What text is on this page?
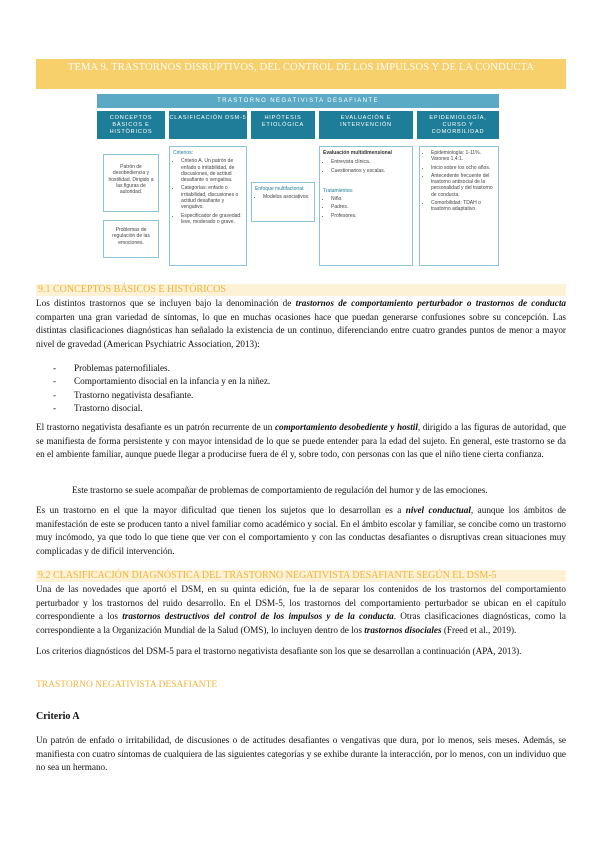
TEMA 9. TRASTORNOS DISRUPTIVOS, DEL CONTROL DE LOS IMPULSOS Y DE LA CONDUCTA
TRASTORNO NEGATIVISTA DESAFIANTE
CONCEPTOS BÁSICOS E HISTÓRICOS
CLASIFICACIÓN DSM-5	HIPÓTESIS ETIOLÓGICA
EVALUACIÓN E INTERVENCIÓN
EPIDEMIOLOGÍA, CURSO Y COMORBILIDAD
Patrón de desobediencia y hostilidad. Dirigido a las figuras de autoridad.
Problemas de regulación de las emociones.
Criterios:
• Criterio A. Un patrón de enfado o irritabilidad, de discusiones, de actitud desafiante o vengativa.
• Categorías: enfado o irritabilidad, discusiones o actitud desafiante y vengativo.
• Especificador de gravedad: leve, moderado o grave.
Enfoque multifactorial:
• Modelos asociativos.
Evaluación multidimensional
• Entrevista clínica.
• Cuestionarios y escalas.
Tratamientos:
• Niño.
• Padres.
• Profesores.
• Epidemiología: 1-11%. Varones 1,4:1.
• Inicio sobre los ocho años.
• Antecedente frecuente del trastorno antisocial de la personalidad y del trastorno de conducta.
• Comorbilidad: TDAH o trastorno adaptativo.
9.1 CONCEPTOS BÁSICOS E HISTÓRICOS
Los distintos trastornos que se incluyen bajo la denominación de trastornos de comportamiento perturbador o trastornos de conducta comparten una gran variedad de síntomas, lo que en muchas ocasiones hace que puedan generarse confusiones sobre su concepción. Las distintas clasificaciones diagnósticas han señalado la existencia de un continuo, diferenciando entre cuatro grandes puntos de menor a mayor nivel de gravedad (American Psychiatric Association, 2013):
- Problemas paternofiliales.
- Comportamiento disocial en la infancia y en la niñez.
- Trastorno negativista desafiante.
- Trastorno disocial.
El trastorno negativista desafiante es un patrón recurrente de un comportamiento desobediente y hostil, dirigido a las figuras de autoridad, que se manifiesta de forma persistente y con mayor intensidad de lo que se puede entender para la edad del sujeto. En general, este trastorno se da en el ambiente familiar, aunque puede llegar a producirse fuera de él y, sobre todo, con personas con las que el niño tiene cierta confianza.
Este trastorno se suele acompañar de problemas de comportamiento de regulación del humor y de las emociones.
Es un trastorno en el que la mayor dificultad que tienen los sujetos que lo desarrollan es a nivel conductual, aunque los ámbitos de manifestación de este se producen tanto a nivel familiar como académico y social. En el ámbito escolar y familiar, se concibe como un trastorno muy incómodo, ya que todo lo que tiene que ver con el comportamiento y con las conductas desafiantes o disruptivas crean situaciones muy complicadas y de difícil intervención.
9.2 CLASIFICACIÓN DIAGNÓSTICA DEL TRASTORNO NEGATIVISTA DESAFIANTE SEGÚN EL DSM-5
Una de las novedades que aportó el DSM, en su quinta edición, fue la de separar los contenidos de los trastornos del comportamiento perturbador y los trastornos del ruido desarrollo. En el DSM-5, los trastornos del comportamiento perturbador se ubican en el capítulo correspondiente a los trastornos destructivos del control de los impulsos y de la conducta. Otras clasificaciones diagnósticas, como la correspondiente a la Organización Mundial de la Salud (OMS), lo incluyen dentro de los trastornos disociales (Freed et al., 2019).
Los criterios diagnósticos del DSM-5 para el trastorno negativista desafiante son los que se desarrollan a continuación (APA, 2013).
TRASTORNO NEGATIVISTA DESAFIANTE
Criterio A
Un patrón de enfado o irritabilidad, de discusiones o de actitudes desafiantes o vengativas que dura, por lo menos, seis meses. Además, se manifiesta con cuatro síntomas de cualquiera de las siguientes categorías y se exhibe durante la interacción, por lo menos, con un individuo que no sea un hermano.
